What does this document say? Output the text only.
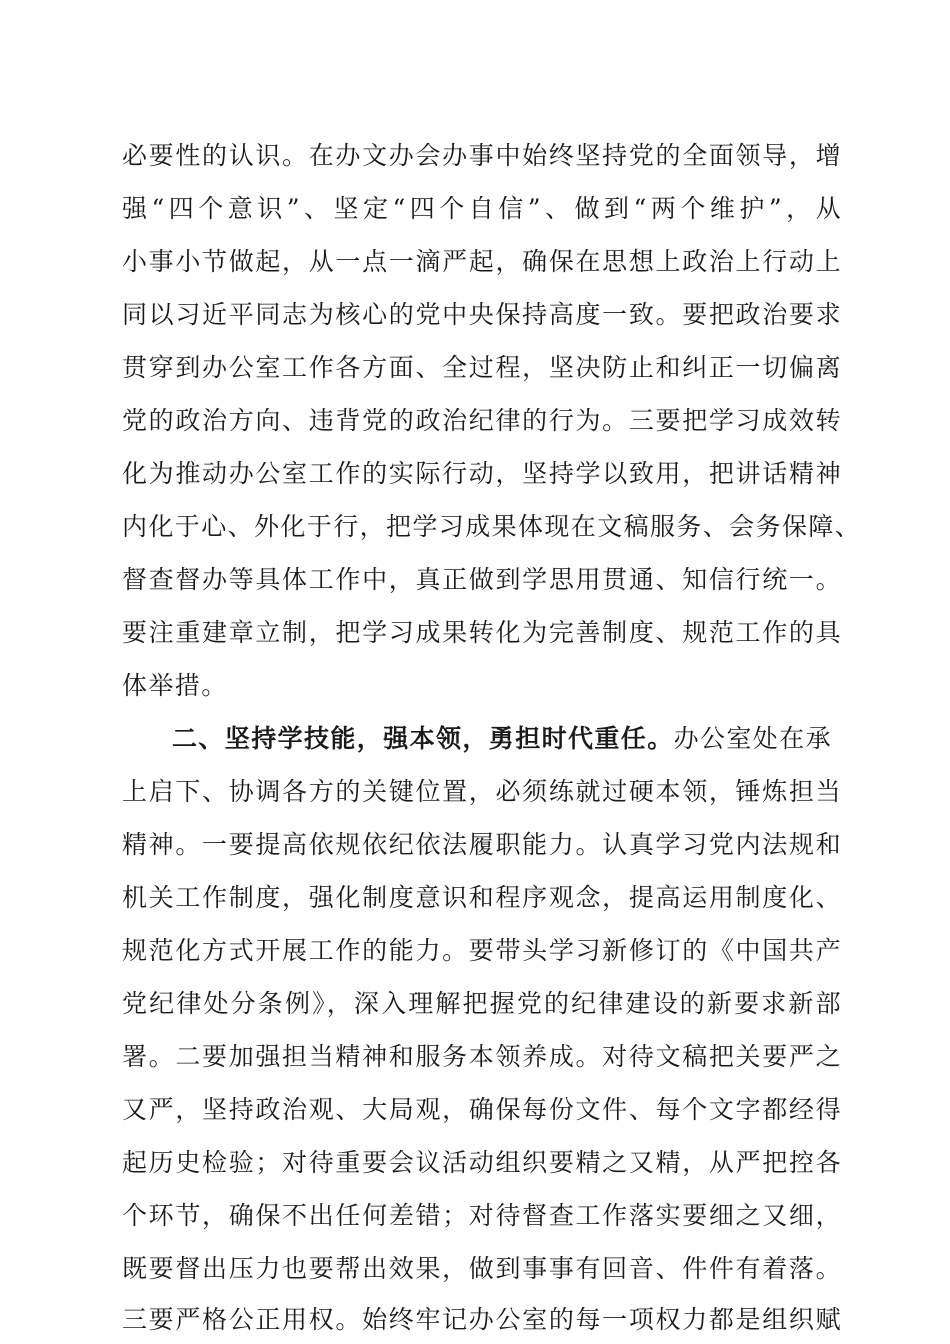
必要性的认识。在办文办会办事中始终坚持党的全面领导，增
强“四个意识”、坚定“四个自信”、做到“两个维护”，从
小事小节做起，从一点一滴严起，确保在思想上政治上行动上
同以习近平同志为核心的党中央保持高度一致。要把政治要求
贯穿到办公室工作各方面、全过程，坚决防止和纠正一切偏离
党的政治方向、违背党的政治纪律的行为。三要把学习成效转
化为推动办公室工作的实际行动，坚持学以致用，把讲话精神
内化于心、外化于行，把学习成果体现在文稿服务、会务保障、
督查督办等具体工作中，真正做到学思用贯通、知信行统一。
要注重建章立制，把学习成果转化为完善制度、规范工作的具
体举措。
二、坚持学技能，强本领，勇担时代重任。办公室处在承
上启下、协调各方的关键位置，必须练就过硬本领，锤炼担当
精神。一要提高依规依纪依法履职能力。认真学习党内法规和
机关工作制度，强化制度意识和程序观念，提高运用制度化、
规范化方式开展工作的能力。要带头学习新修订的《中国共产
党纪律处分条例》，深入理解把握党的纪律建设的新要求新部
署。二要加强担当精神和服务本领养成。对待文稿把关要严之
又严，坚持政治观、大局观，确保每份文件、每个文字都经得
起历史检验；对待重要会议活动组织要精之又精，从严把控各
个环节，确保不出任何差错；对待督查工作落实要细之又细，
既要督出压力也要帮出效果，做到事事有回音、件件有着落。
三要严格公正用权。始终牢记办公室的每一项权力都是组织赋
